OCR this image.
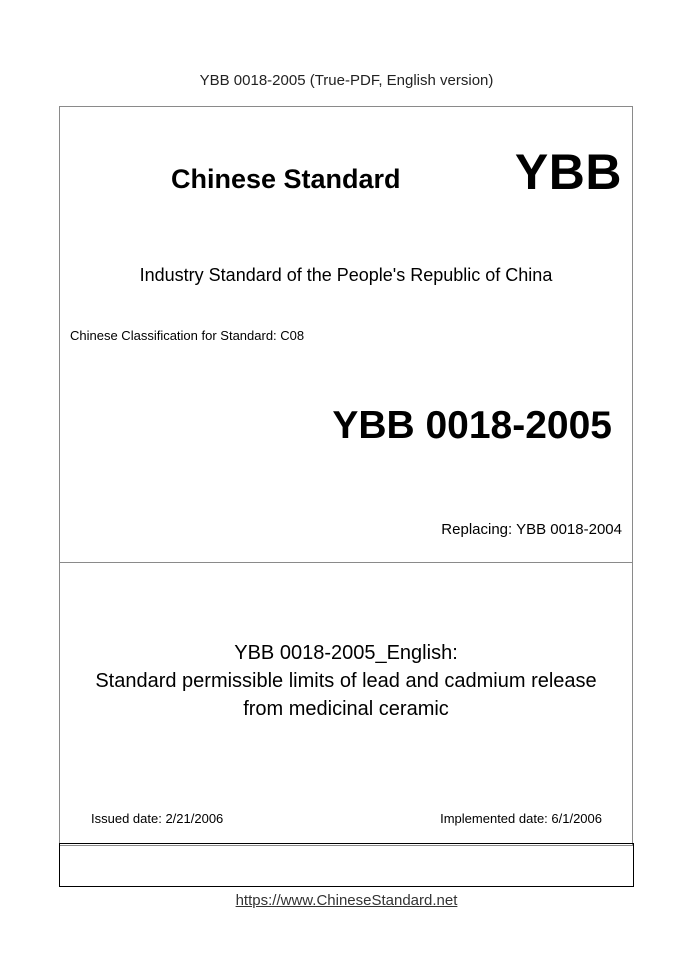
YBB 0018-2005 (True-PDF, English version)
Chinese Standard YBB
Industry Standard of the People's Republic of China
Chinese Classification for Standard: C08
YBB 0018-2005
Replacing: YBB 0018-2004
YBB 0018-2005_English:
Standard permissible limits of lead and cadmium release
from medicinal ceramic
Issued date: 2/21/2006	Implemented date: 6/1/2006
https://www.ChineseStandard.net
